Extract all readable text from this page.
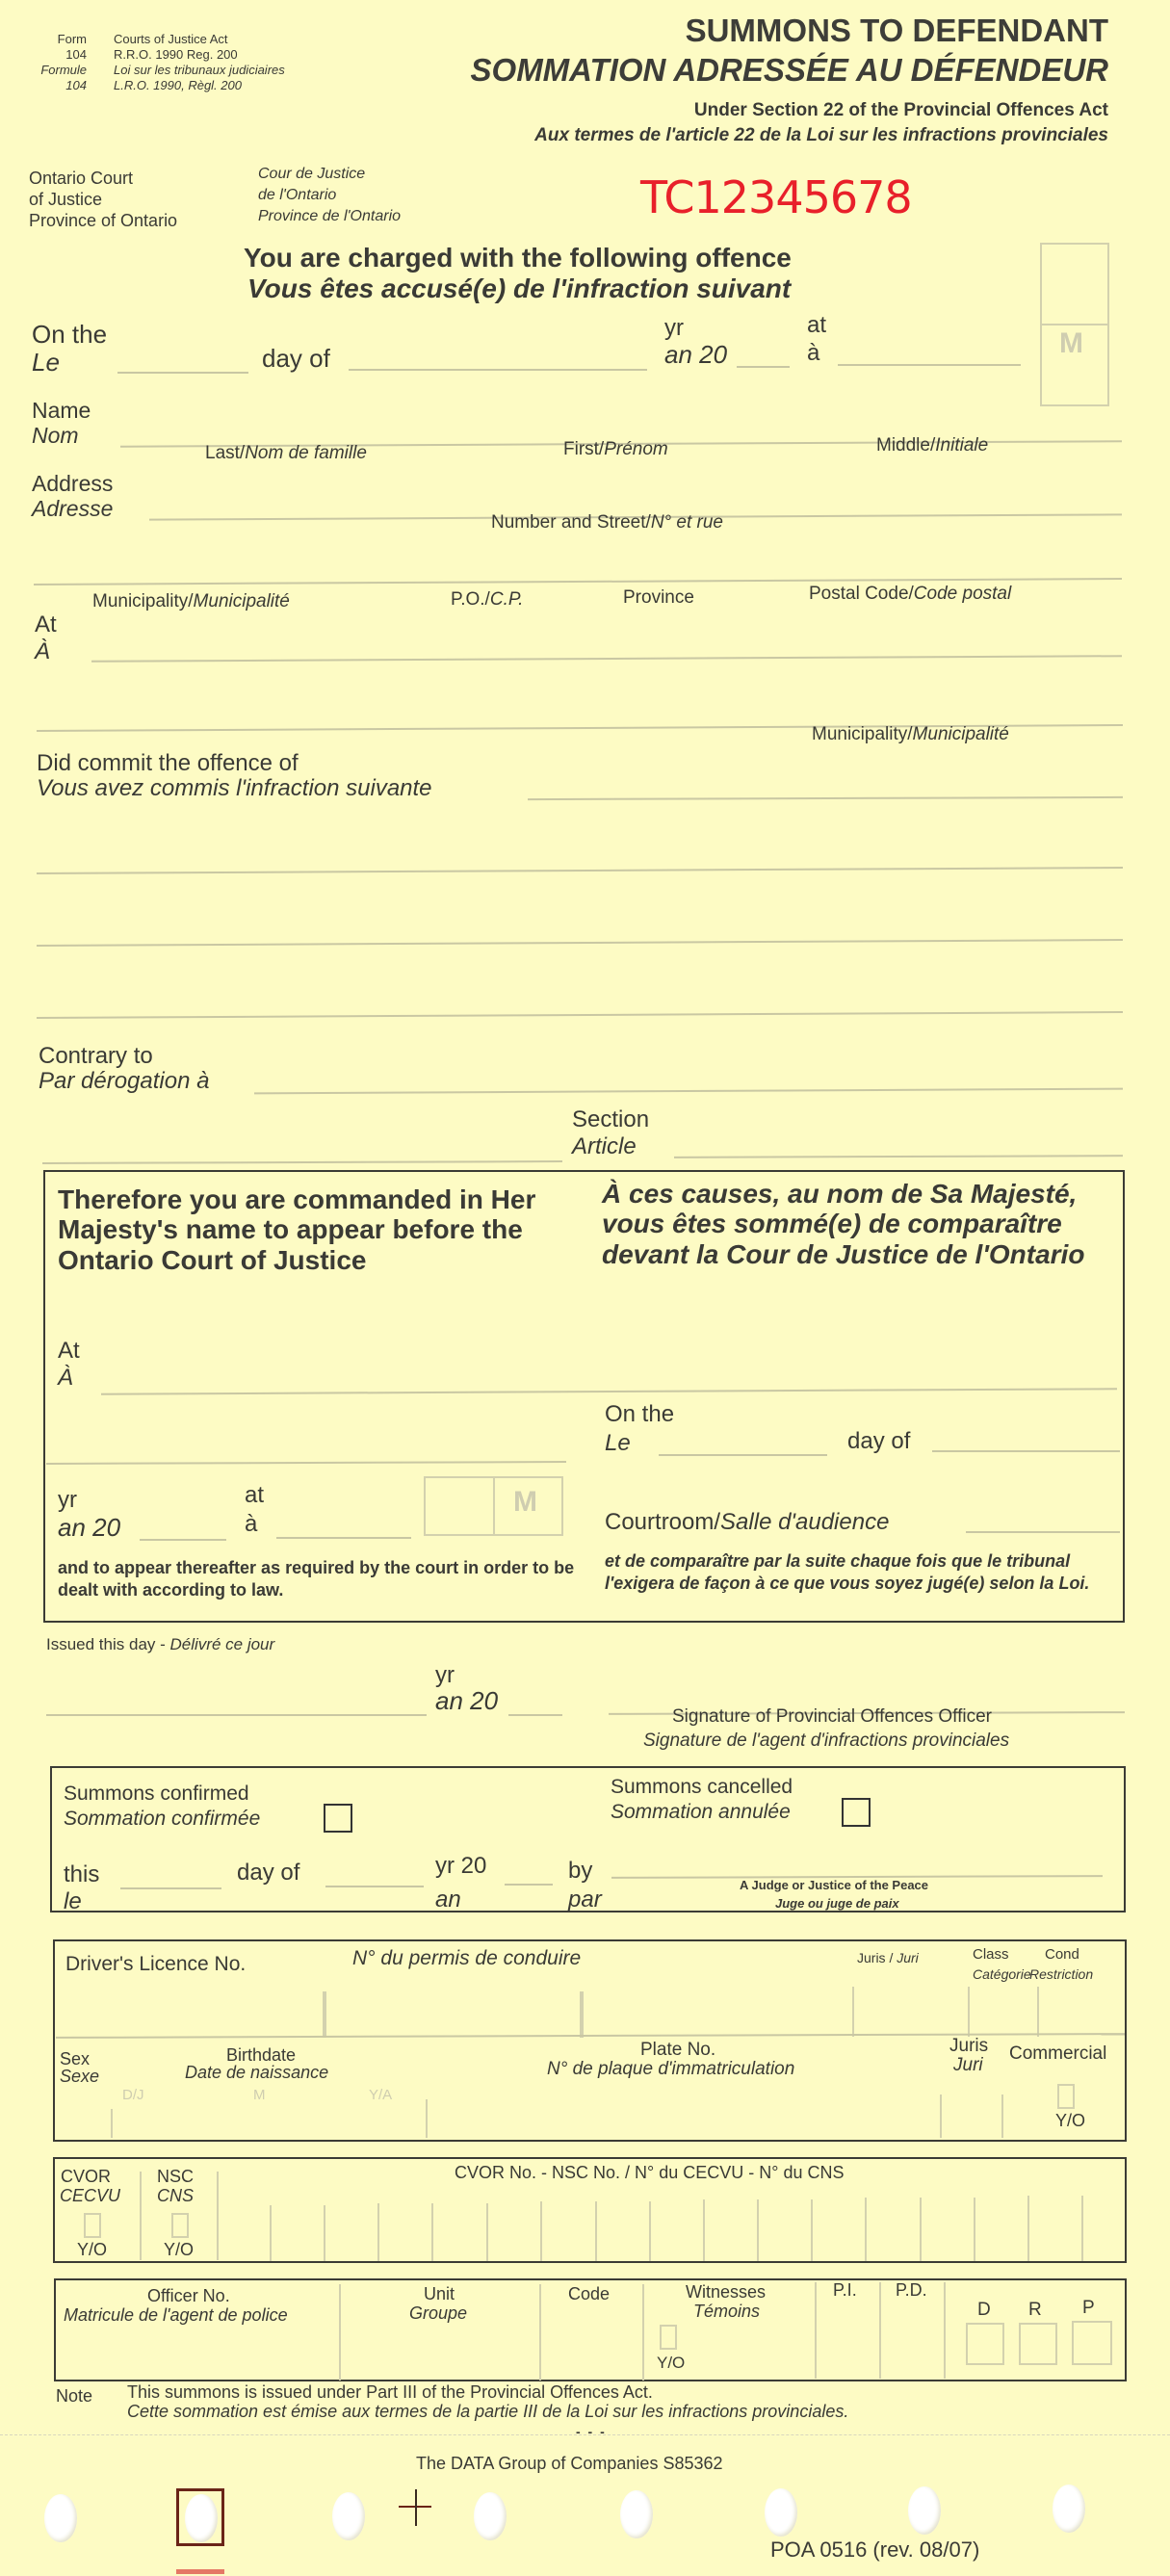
Form
104
Formule
104
Courts of Justice Act
R.R.O. 1990 Reg. 200
Loi sur les tribunaux judiciaires
L.R.O. 1990, Règl. 200
SUMMONS TO DEFENDANT
SOMMATION ADRESSÉE AU DÉFENDEUR
Under Section 22 of the Provincial Offences Act
Aux termes de l'article 22 de la Loi sur les infractions provinciales
Ontario Court
of Justice
Province of Ontario
Cour de Justice
de l'Ontario
Province de l'Ontario	TC12345678
You are charged with the following offence
Vous êtes accusé(e) de l'infraction suivant
M
On the
Le	day of
yr
an 20
at
à
Name
Nom
Last/Nom de famille	First/Prénom	Middle/Initiale
Address
Adresse
Number and Street/N° et rue
Municipality/Municipalité	P.O./C.P.	Province	Postal Code/Code postal
At
À
Municipality/Municipalité
Did commit the offence of
Vous avez commis l'infraction suivante
Contrary to
Par dérogation à
Section
Article
Therefore you are commanded in Her Majesty's name to appear before the Ontario Court of Justice
À ces causes, au nom de Sa Majesté, vous êtes sommé(e) de comparaître devant la Cour de Justice de l'Ontario
At
À
On the
Le	day of
M
yr
an 20
at
à	Courtroom/Salle d'audience
and to appear thereafter as required by the court in order to be dealt with according to law.
et de comparaître par la suite chaque fois que le tribunal l'exigera de façon à ce que vous soyez jugé(e) selon la Loi.
Issued this day - Délivré ce jour
yr
an 20
Signature of Provincial Offences Officer
Signature de l'agent d'infractions provinciales
Summons confirmed
Sommation confirmée
Summons cancelled
Sommation annulée
this
le
day of	yr 20
an
by
par
A Judge or Justice of the Peace
Juge ou juge de paix
Driver's Licence No.	N° du permis de conduire	Juris / Juri	Class
Catégorie
Cond
Restriction
Sex
Sexe
Birthdate
Date de naissance
D/J	M	Y/A
Plate No.
N° de plaque d'immatriculation
Juris
Juri
Commercial
Y/O
CVOR
CECVU
Y/O
NSC
CNS
Y/O
CVOR No. - NSC No. / N° du CECVU - N° du CNS
Officer No.
Matricule de l'agent de police
Unit
Groupe
Code	Witnesses
Témoins
Y/O
P.I. P.D.
D R P
Note This summons is issued under Part III of the Provincial Offences Act.
Cette sommation est émise aux termes de la partie III de la Loi sur les infractions provinciales.
- - -
The DATA Group of Companies S85362
POA 0516 (rev. 08/07)
